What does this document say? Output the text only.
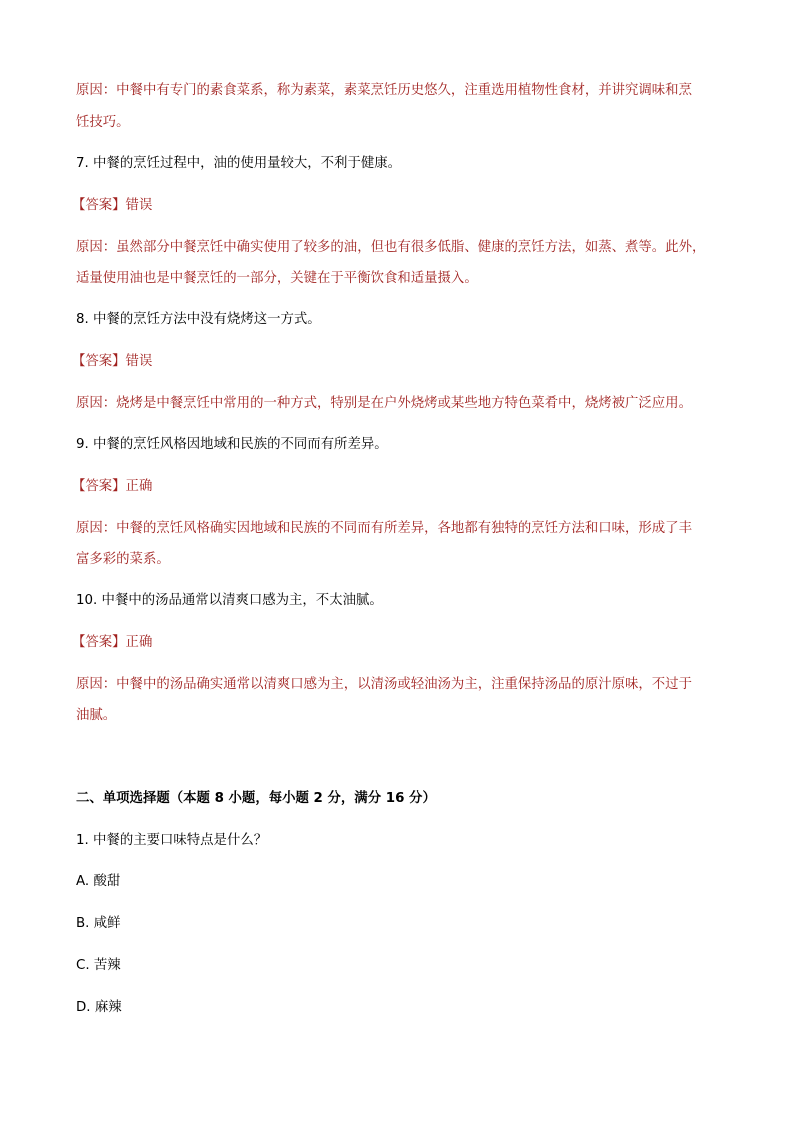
原因：中餐中有专门的素食菜系，称为素菜，素菜烹饪历史悠久，注重选用植物性食材，并讲究调味和烹
饪技巧。
7. 中餐的烹饪过程中，油的使用量较大，不利于健康。
【答案】错误
原因：虽然部分中餐烹饪中确实使用了较多的油，但也有很多低脂、健康的烹饪方法，如蒸、煮等。此外，
适量使用油也是中餐烹饪的一部分，关键在于平衡饮食和适量摄入。
8. 中餐的烹饪方法中没有烧烤这一方式。
【答案】错误
原因：烧烤是中餐烹饪中常用的一种方式，特别是在户外烧烤或某些地方特色菜肴中，烧烤被广泛应用。
9. 中餐的烹饪风格因地域和民族的不同而有所差异。
【答案】正确
原因：中餐的烹饪风格确实因地域和民族的不同而有所差异，各地都有独特的烹饪方法和口味，形成了丰
富多彩的菜系。
10. 中餐中的汤品通常以清爽口感为主，不太油腻。
【答案】正确
原因：中餐中的汤品确实通常以清爽口感为主，以清汤或轻油汤为主，注重保持汤品的原汁原味，不过于
油腻。
二、单项选择题（本题 8 小题，每小题 2 分，满分 16 分）
1. 中餐的主要口味特点是什么？
A. 酸甜
B. 咸鲜
C. 苦辣
D. 麻辣
